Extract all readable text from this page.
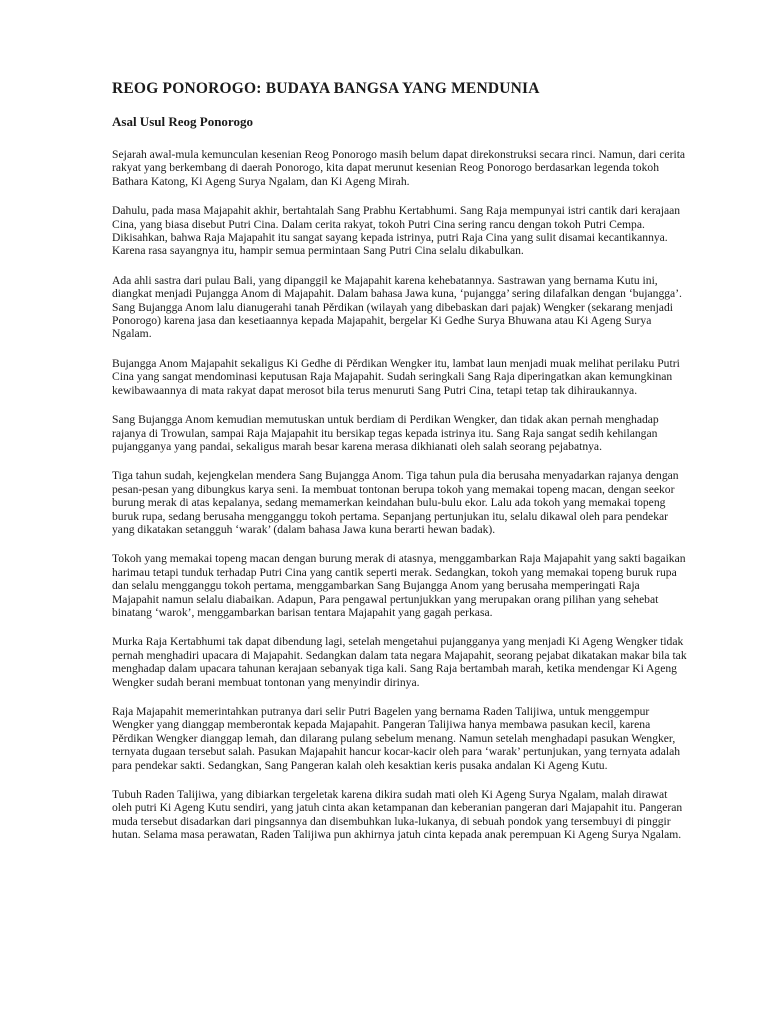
REOG PONOROGO: BUDAYA BANGSA YANG MENDUNIA
Asal Usul Reog Ponorogo

Sejarah awal-mula kemunculan kesenian Reog Ponorogo masih belum dapat direkonstruksi secara rinci. Namun, dari cerita rakyat yang berkembang di daerah Ponorogo, kita dapat merunut kesenian Reog Ponorogo berdasarkan legenda tokoh Bathara Katong, Ki Ageng Surya Ngalam, dan Ki Ageng Mirah.

Dahulu, pada masa Majapahit akhir, bertahtalah Sang Prabhu Kertabhumi. Sang Raja mempunyai istri cantik dari kerajaan Cina, yang biasa disebut Putri Cina. Dalam cerita rakyat, tokoh Putri Cina sering rancu dengan tokoh Putri Cempa. Dikisahkan, bahwa Raja Majapahit itu sangat sayang kepada istrinya, putri Raja Cina yang sulit disamai kecantikannya. Karena rasa sayangnya itu, hampir semua permintaan Sang Putri Cina selalu dikabulkan.

Ada ahli sastra dari pulau Bali, yang dipanggil ke Majapahit karena kehebatannya. Sastrawan yang bernama Kutu ini, diangkat menjadi Pujangga Anom di Majapahit. Dalam bahasa Jawa kuna, ‘pujangga’ sering dilafalkan dengan ‘bujangga’. Sang Bujangga Anom lalu dianugerahi tanah Pěrdikan (wilayah yang dibebaskan dari pajak) Wengker (sekarang menjadi Ponorogo) karena jasa dan kesetiaannya kepada Majapahit, bergelar Ki Gedhe Surya Bhuwana atau Ki Ageng Surya Ngalam.

Bujangga Anom Majapahit sekaligus Ki Gedhe di Pěrdikan Wengker itu, lambat laun menjadi muak melihat perilaku Putri Cina yang sangat mendominasi keputusan Raja Majapahit. Sudah seringkali Sang Raja diperingatkan akan kemungkinan kewibawaannya di mata rakyat dapat merosot bila terus menuruti Sang Putri Cina, tetapi tetap tak dihiraukannya.

Sang Bujangga Anom kemudian memutuskan untuk berdiam di Perdikan Wengker, dan tidak akan pernah menghadap rajanya di Trowulan, sampai Raja Majapahit itu bersikap tegas kepada istrinya itu. Sang Raja sangat sedih kehilangan pujangganya yang pandai, sekaligus marah besar karena merasa dikhianati oleh salah seorang pejabatnya.

Tiga tahun sudah, kejengkelan mendera Sang Bujangga Anom. Tiga tahun pula dia berusaha menyadarkan rajanya dengan pesan-pesan yang dibungkus karya seni. Ia membuat tontonan berupa tokoh yang memakai topeng macan, dengan seekor burung merak di atas kepalanya, sedang memamerkan keindahan bulu-bulu ekor. Lalu ada tokoh yang memakai topeng buruk rupa, sedang berusaha mengganggu tokoh pertama. Sepanjang pertunjukan itu, selalu dikawal oleh para pendekar yang dikatakan setangguh ‘warak’ (dalam bahasa Jawa kuna berarti hewan badak).

Tokoh yang memakai topeng macan dengan burung merak di atasnya, menggambarkan Raja Majapahit yang sakti bagaikan harimau tetapi tunduk terhadap Putri Cina yang cantik seperti merak. Sedangkan, tokoh yang memakai topeng buruk rupa dan selalu mengganggu tokoh pertama, menggambarkan Sang Bujangga Anom yang berusaha memperingati Raja Majapahit namun selalu diabaikan. Adapun, Para pengawal pertunjukkan yang merupakan orang pilihan yang sehebat binatang ‘warok’, menggambarkan barisan tentara Majapahit yang gagah perkasa.

Murka Raja Kertabhumi tak dapat dibendung lagi, setelah mengetahui pujangganya yang menjadi Ki Ageng Wengker tidak pernah menghadiri upacara di Majapahit. Sedangkan dalam tata negara Majapahit, seorang pejabat dikatakan makar bila tak menghadap dalam upacara tahunan kerajaan sebanyak tiga kali. Sang Raja bertambah marah, ketika mendengar Ki Ageng Wengker sudah berani membuat tontonan yang menyindir dirinya.

Raja Majapahit memerintahkan putranya dari selir Putri Bagelen yang bernama Raden Talijiwa, untuk menggempur Wengker yang dianggap memberontak kepada Majapahit. Pangeran Talijiwa hanya membawa pasukan kecil, karena Pěrdikan Wengker dianggap lemah, dan dilarang pulang sebelum menang. Namun setelah menghadapi pasukan Wengker, ternyata dugaan tersebut salah. Pasukan Majapahit hancur kocar-kacir oleh para ‘warak’ pertunjukan, yang ternyata adalah para pendekar sakti. Sedangkan, Sang Pangeran kalah oleh kesaktian keris pusaka andalan Ki Ageng Kutu.

Tubuh Raden Talijiwa, yang dibiarkan tergeletak karena dikira sudah mati oleh Ki Ageng Surya Ngalam, malah dirawat oleh putri Ki Ageng Kutu sendiri, yang jatuh cinta akan ketampanan dan keberanian pangeran dari Majapahit itu. Pangeran muda tersebut disadarkan dari pingsannya dan disembuhkan luka-lukanya, di sebuah pondok yang tersembuyi di pinggir hutan. Selama masa perawatan, Raden Talijiwa pun akhirnya jatuh cinta kepada anak perempuan Ki Ageng Surya Ngalam.
